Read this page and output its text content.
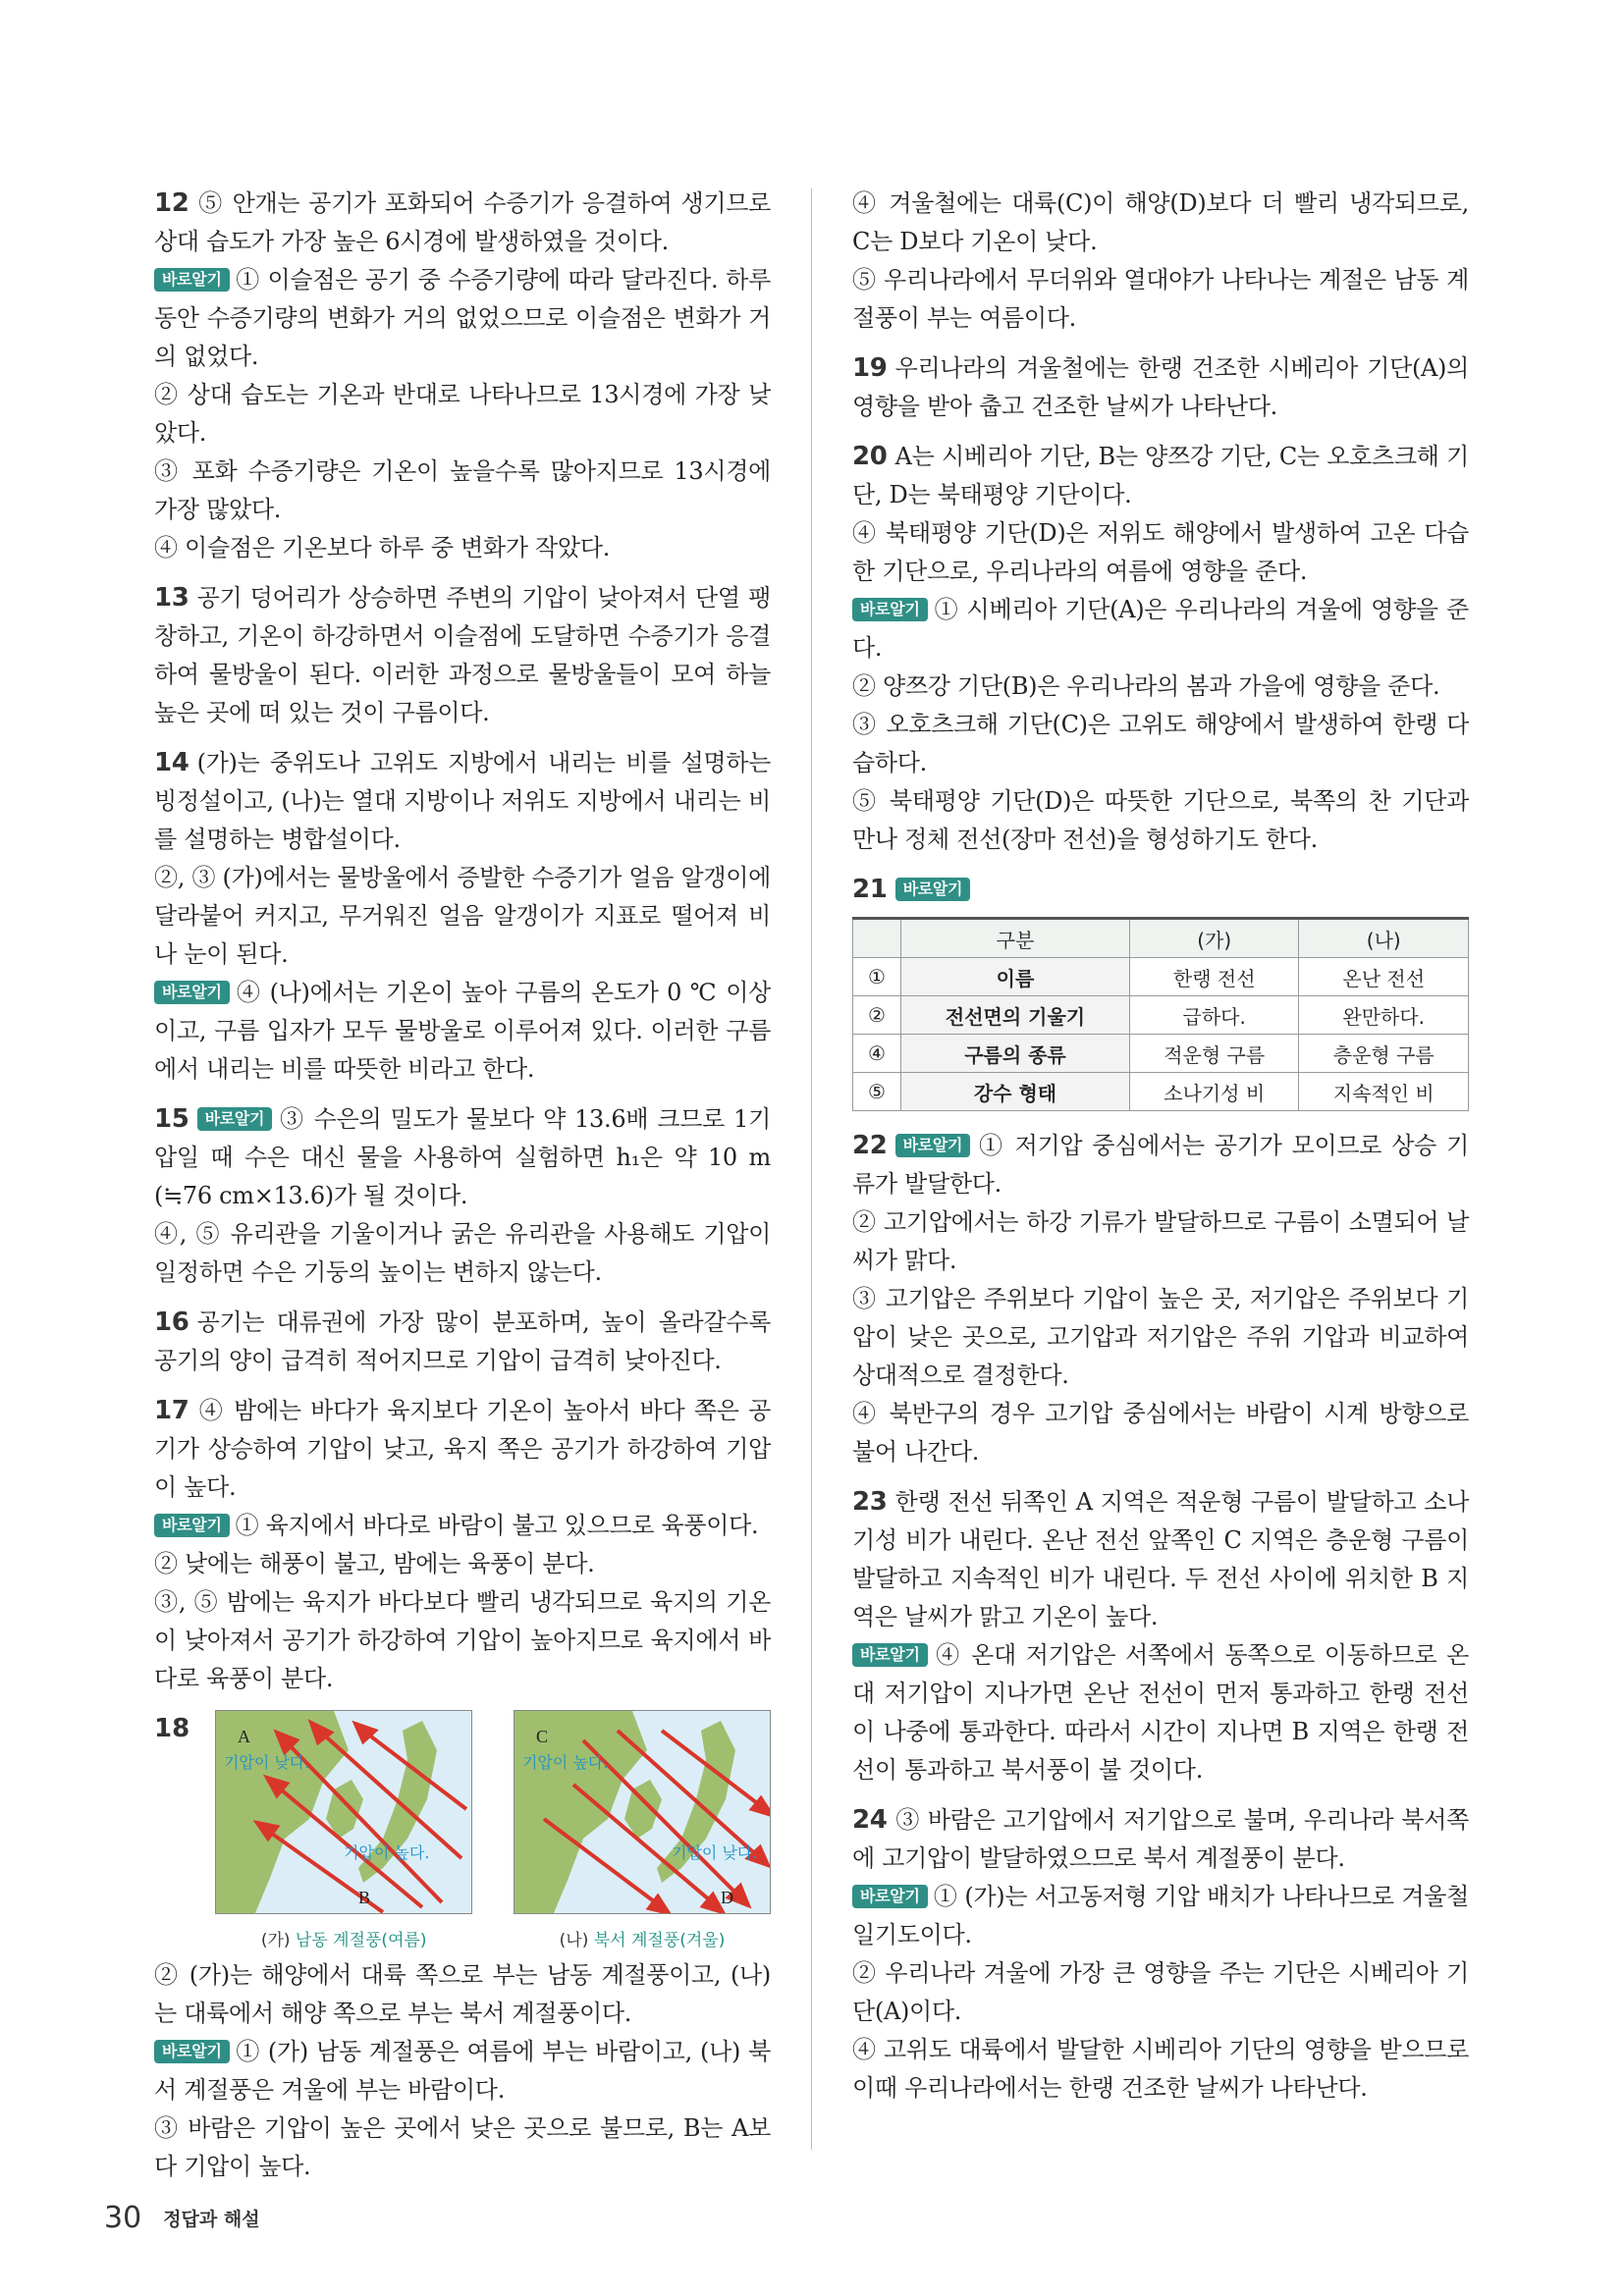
12 ⑤ 안개는 공기가 포화되어 수증기가 응결하여 생기므로 상대 습도가 가장 높은 6시경에 발생하였을 것이다.

바로알기 ① 이슬점은 공기 중 수증기량에 따라 달라진다. 하루 동안 수증기량의 변화가 거의 없었으므로 이슬점은 변화가 거의 없었다.

② 상대 습도는 기온과 반대로 나타나므로 13시경에 가장 낮았다.

③ 포화 수증기량은 기온이 높을수록 많아지므로 13시경에 가장 많았다.

④ 이슬점은 기온보다 하루 중 변화가 작았다.

13 공기 덩어리가 상승하면 주변의 기압이 낮아져서 단열 팽창하고, 기온이 하강하면서 이슬점에 도달하면 수증기가 응결하여 물방울이 된다. 이러한 과정으로 물방울들이 모여 하늘 높은 곳에 떠 있는 것이 구름이다.

14 (가)는 중위도나 고위도 지방에서 내리는 비를 설명하는 빙정설이고, (나)는 열대 지방이나 저위도 지방에서 내리는 비를 설명하는 병합설이다.

②, ③ (가)에서는 물방울에서 증발한 수증기가 얼음 알갱이에 달라붙어 커지고, 무거워진 얼음 알갱이가 지표로 떨어져 비나 눈이 된다.

바로알기 ④ (나)에서는 기온이 높아 구름의 온도가 0 ℃ 이상이고, 구름 입자가 모두 물방울로 이루어져 있다. 이러한 구름에서 내리는 비를 따뜻한 비라고 한다.

15 바로알기 ③ 수은의 밀도가 물보다 약 13.6배 크므로 1기압일 때 수은 대신 물을 사용하여 실험하면 h₁은 약 10 m (≒76 cm×13.6)가 될 것이다.

④, ⑤ 유리관을 기울이거나 굵은 유리관을 사용해도 기압이 일정하면 수은 기둥의 높이는 변하지 않는다.

16 공기는 대류권에 가장 많이 분포하며, 높이 올라갈수록 공기의 양이 급격히 적어지므로 기압이 급격히 낮아진다.

17 ④ 밤에는 바다가 육지보다 기온이 높아서 바다 쪽은 공기가 상승하여 기압이 낮고, 육지 쪽은 공기가 하강하여 기압이 높다.

바로알기 ① 육지에서 바다로 바람이 불고 있으므로 육풍이다.

② 낮에는 해풍이 불고, 밤에는 육풍이 분다.

③, ⑤ 밤에는 육지가 바다보다 빨리 냉각되므로 육지의 기온이 낮아져서 공기가 하강하여 기압이 높아지므로 육지에서 바다로 육풍이 분다.

18	A
기압이 낮다.
기압이 높다.
B
(가) 남동 계절풍(여름)
C
기압이 높다.
기압이 낮다.
D
(나) 북서 계절풍(겨울)

② (가)는 해양에서 대륙 쪽으로 부는 남동 계절풍이고, (나)는 대륙에서 해양 쪽으로 부는 북서 계절풍이다.

바로알기 ① (가) 남동 계절풍은 여름에 부는 바람이고, (나) 북서 계절풍은 겨울에 부는 바람이다.

③ 바람은 기압이 높은 곳에서 낮은 곳으로 불므로, B는 A보다 기압이 높다.

④ 겨울철에는 대륙(C)이 해양(D)보다 더 빨리 냉각되므로, C는 D보다 기온이 낮다.

⑤ 우리나라에서 무더위와 열대야가 나타나는 계절은 남동 계절풍이 부는 여름이다.

19 우리나라의 겨울철에는 한랭 건조한 시베리아 기단(A)의 영향을 받아 춥고 건조한 날씨가 나타난다.

20 A는 시베리아 기단, B는 양쯔강 기단, C는 오호츠크해 기단, D는 북태평양 기단이다.

④ 북태평양 기단(D)은 저위도 해양에서 발생하여 고온 다습한 기단으로, 우리나라의 여름에 영향을 준다.

바로알기 ① 시베리아 기단(A)은 우리나라의 겨울에 영향을 준다.

② 양쯔강 기단(B)은 우리나라의 봄과 가을에 영향을 준다.

③ 오호츠크해 기단(C)은 고위도 해양에서 발생하여 한랭 다습하다.

⑤ 북태평양 기단(D)은 따뜻한 기단으로, 북쪽의 찬 기단과 만나 정체 전선(장마 전선)을 형성하기도 한다.

21 바로알기

	구분	(가)	(나)
①	이름	한랭 전선	온난 전선
②	전선면의 기울기	급하다.	완만하다.
④	구름의 종류	적운형 구름	층운형 구름
⑤	강수 형태	소나기성 비	지속적인 비

22 바로알기 ① 저기압 중심에서는 공기가 모이므로 상승 기류가 발달한다.

② 고기압에서는 하강 기류가 발달하므로 구름이 소멸되어 날씨가 맑다.

③ 고기압은 주위보다 기압이 높은 곳, 저기압은 주위보다 기압이 낮은 곳으로, 고기압과 저기압은 주위 기압과 비교하여 상대적으로 결정한다.

④ 북반구의 경우 고기압 중심에서는 바람이 시계 방향으로 불어 나간다.

23 한랭 전선 뒤쪽인 A 지역은 적운형 구름이 발달하고 소나기성 비가 내린다. 온난 전선 앞쪽인 C 지역은 층운형 구름이 발달하고 지속적인 비가 내린다. 두 전선 사이에 위치한 B 지역은 날씨가 맑고 기온이 높다.

바로알기 ④ 온대 저기압은 서쪽에서 동쪽으로 이동하므로 온대 저기압이 지나가면 온난 전선이 먼저 통과하고 한랭 전선이 나중에 통과한다. 따라서 시간이 지나면 B 지역은 한랭 전선이 통과하고 북서풍이 불 것이다.

24 ③ 바람은 고기압에서 저기압으로 불며, 우리나라 북서쪽에 고기압이 발달하였으므로 북서 계절풍이 분다.

바로알기 ① (가)는 서고동저형 기압 배치가 나타나므로 겨울철 일기도이다.

② 우리나라 겨울에 가장 큰 영향을 주는 기단은 시베리아 기단(A)이다.

④ 고위도 대륙에서 발달한 시베리아 기단의 영향을 받으므로 이때 우리나라에서는 한랭 건조한 날씨가 나타난다.

30 정답과 해설
